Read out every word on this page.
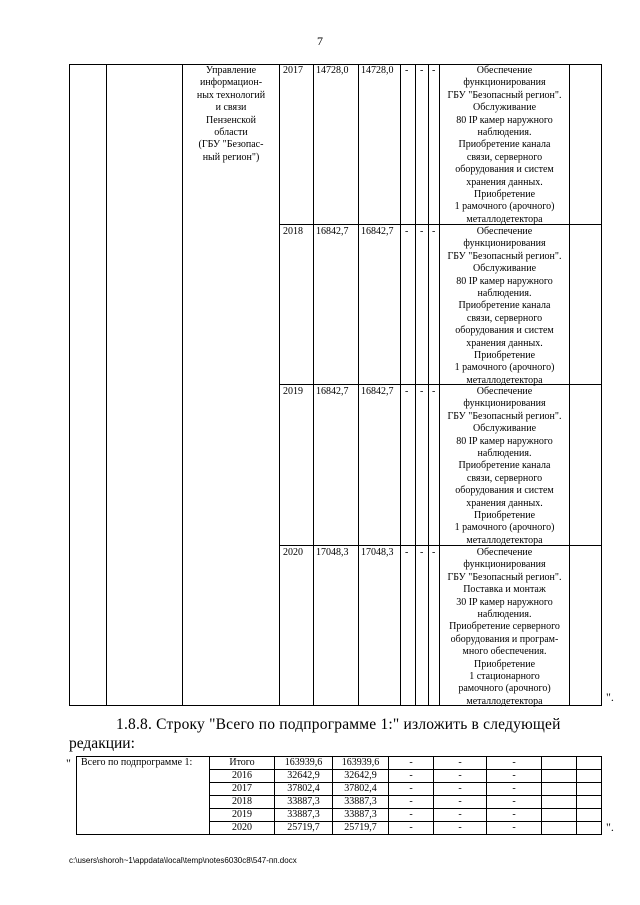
7
Управление
информацион-
ных технологий
и связи
Пензенской
области
(ГБУ "Безопас-
ный регион")
2017 14728,0 14728,0 - - -	Обеспечение
функционирования
ГБУ "Безопасный регион".
Обслуживание
80 IP камер наружного
наблюдения.
Приобретение канала
связи, серверного
оборудования и систем
хранения данных.
Приобретение
1 рамочного (арочного)
металлодетектора
2018 16842,7 16842,7 - - -	Обеспечение
функционирования
ГБУ "Безопасный регион".
Обслуживание
80 IP камер наружного
наблюдения.
Приобретение канала
связи, серверного
оборудования и систем
хранения данных.
Приобретение
1 рамочного (арочного)
металлодетектора
2019 16842,7 16842,7 - - -	Обеспечение
функционирования
ГБУ "Безопасный регион".
Обслуживание
80 IP камер наружного
наблюдения.
Приобретение канала
связи, серверного
оборудования и систем
хранения данных.
Приобретение
1 рамочного (арочного)
металлодетектора
2020 17048,3 17048,3 - - -	Обеспечение
функционирования
ГБУ "Безопасный регион".
Поставка и монтаж
30 IP камер наружного
наблюдения.
Приобретение серверного
оборудования и програм-
много обеспечения.
Приобретение
1 стационарного
рамочного (арочного)
металлодетектора	".
1.8.8. Строку "Всего по подпрограмме 1:" изложить в следующей
редакции:
" Всего по подпрограмме 1:	Итого	163939,6	163939,6	-	-	-
2016	32642,9	32642,9	-	-	-
2017	37802,4	37802,4	-	-	-
2018	33887,3	33887,3	-	-	-
2019	33887,3	33887,3	-	-	-
2020	25719,7	25719,7	-	-	-	".
c:\users\shoroh~1\appdata\local\temp\notes6030c8\547-пп.docx
